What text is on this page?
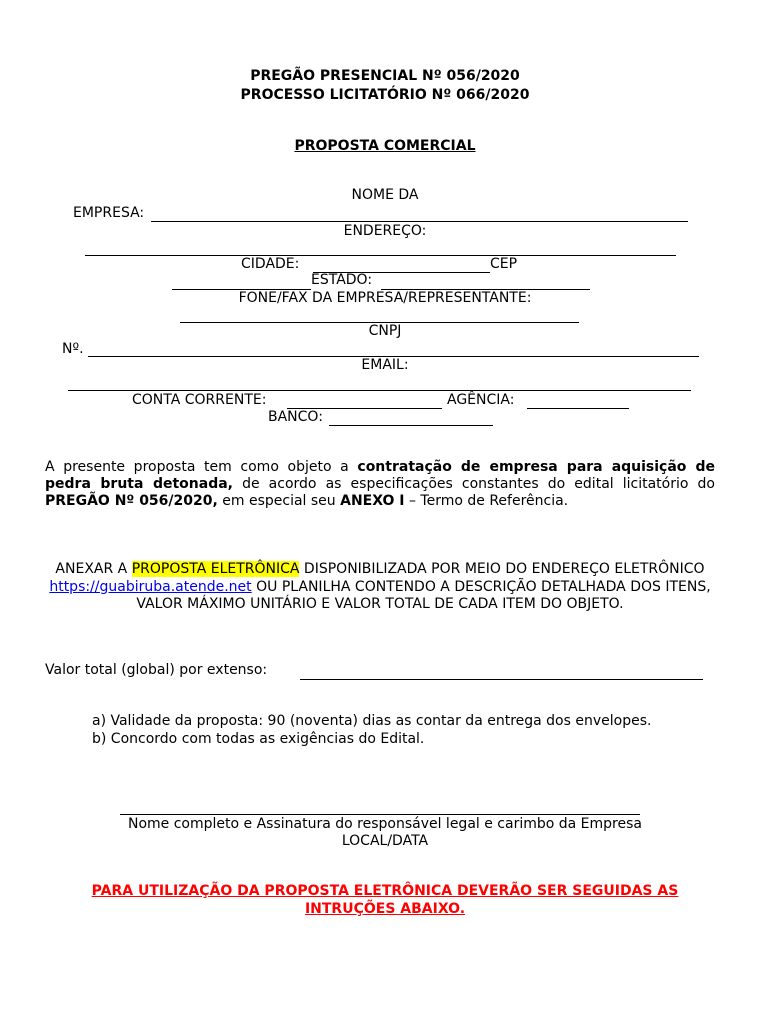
PREGÃO PRESENCIAL Nº 056/2020
PROCESSO LICITATÓRIO Nº 066/2020
PROPOSTA COMERCIAL
NOME DA
EMPRESA:
ENDEREÇO:
CIDADE:	CEP
ESTADO:
FONE/FAX DA EMPRESA/REPRESENTANTE:
CNPJ
Nº.
EMAIL:
CONTA CORRENTE:	AGÊNCIA:
BANCO:
A presente proposta tem como objeto a contratação de empresa para aquisição de pedra bruta detonada, de acordo as especificações constantes do edital licitatório do PREGÃO Nº 056/2020, em especial seu ANEXO I – Termo de Referência.
ANEXAR A PROPOSTA ELETRÔNICA DISPONIBILIZADA POR MEIO DO ENDEREÇO ELETRÔNICO https://guabiruba.atende.net OU PLANILHA CONTENDO A DESCRIÇÃO DETALHADA DOS ITENS, VALOR MÁXIMO UNITÁRIO E VALOR TOTAL DE CADA ITEM DO OBJETO.
Valor total (global) por extenso:
a) Validade da proposta: 90 (noventa) dias as contar da entrega dos envelopes.
b) Concordo com todas as exigências do Edital.
Nome completo e Assinatura do responsável legal e carimbo da Empresa
LOCAL/DATA
PARA UTILIZAÇÃO DA PROPOSTA ELETRÔNICA DEVERÃO SER SEGUIDAS AS
INTRUÇÕES ABAIXO.
